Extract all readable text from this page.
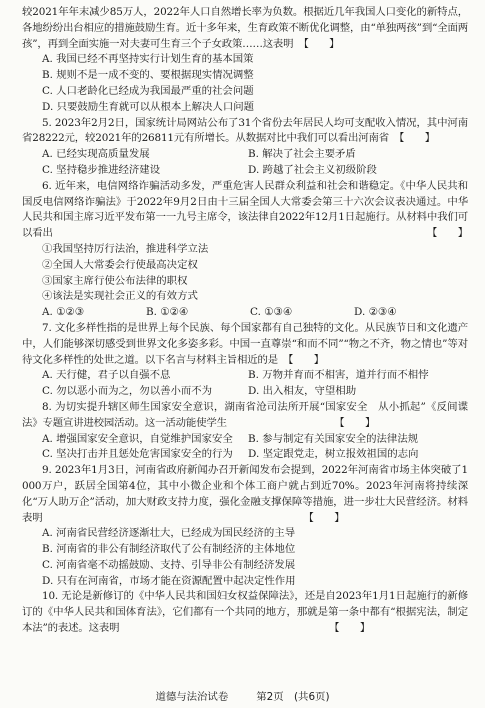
较2021年年末减少85万人，2022年人口自然增长率为负数。根据近几年我国人口变化的新特点，各地纷纷出台相应的措施鼓励生育。近十多年来，生育政策不断优化调整，由“单独两孩”到“全面两孩”，再到全面实施一对夫妻可生育三个子女政策……这表明　【　　】

A. 我国已经不再坚持实行计划生育的基本国策

B. 规则不是一成不变的、要根据现实情况调整

C. 人口老龄化已经成为我国最严重的社会问题

D. 只要鼓励生育就可以从根本上解决人口问题

5. 2023年2月2日，国家统计局网站公布了31个省份去年居民人均可支配收入情况，其中河南省28222元，较2021年的26811元有所增长。从数据对比中我们可以看出河南省　【　　】

A. 已经实现高质量发展	B. 解决了社会主要矛盾

C. 坚持稳步推进经济建设	D. 跨越了社会主义初级阶段

6. 近年来，电信网络诈骗活动多发，严重危害人民群众利益和社会和谐稳定。《中华人民共和国反电信网络诈骗法》于2022年9月2日由十三届全国人大常委会第三十六次会议表决通过。中华人民共和国主席习近平发布第一一九号主席令，该法律自2022年12月1日起施行。从材料中我们可以看出	【　　】

①我国坚持厉行法治，推进科学立法

②全国人大常委会行使最高决定权

③国家主席行使公布法律的职权

④该法是实现社会正义的有效方式

A. ①②③	B. ①②④	C. ①③④	D. ②③④

7. 文化多样性指的是世界上每个民族、每个国家都有自己独特的文化。从民族节日和文化遗产中，人们能够深切感受到世界文化多姿多彩。中国一直尊崇“和而不同”“物之不齐，物之情也”等对待文化多样性的处世之道。以下名言与材料主旨相近的是　【　　】

A. 天行健，君子以自强不息	B. 万物并育而不相害，道并行而不相悖

C. 勿以恶小而为之，勿以善小而不为	D. 出入相友，守望相助

8. 为切实提升辖区师生国家安全意识，湖南省沧司法所开展“国家安全　从小抓起”《反间谍法》专题宣讲进校园活动。这一活动能使学生　　　　　　　　　　　【　　】

A. 增强国家安全意识，自觉维护国家安全	B. 参与制定有关国家安全的法律法规

C. 坚决打击并且惩处危害国家安全的行为	D. 坚定跟党走，树立报效祖国的志向

9. 2023年1月3日，河南省政府新闻办召开新闻发布会提到，2022年河南省市场主体突破了1000万户，跃居全国第4位，其中小微企业和个体工商户就占到近70%。2023年河南将持续深化“万人助万企”活动，加大财政支持力度，强化金融支撑保障等措施，进一步壮大民营经济。材料表明　　　　　　　　　　　　　　　　　　　　　　　　　　【　　】

A. 河南省民营经济逐渐壮大，已经成为国民经济的主导

B. 河南省的非公有制经济取代了公有制经济的主体地位

C. 河南省毫不动摇鼓励、支持、引导非公有制经济发展

D. 只有在河南省，市场才能在资源配置中起决定性作用

10. 无论是新修订的《中华人民共和国妇女权益保障法》，还是自2023年1月1日起施行的新修订的《中华人民共和国体育法》，它们都有一个共同的地方，那就是第一条中都有“根据宪法，制定本法”的表述。这表明　　　　　　　　　　　　　　　　　　　　　【　　】

道德与法治试卷	第2页　(共6页)
